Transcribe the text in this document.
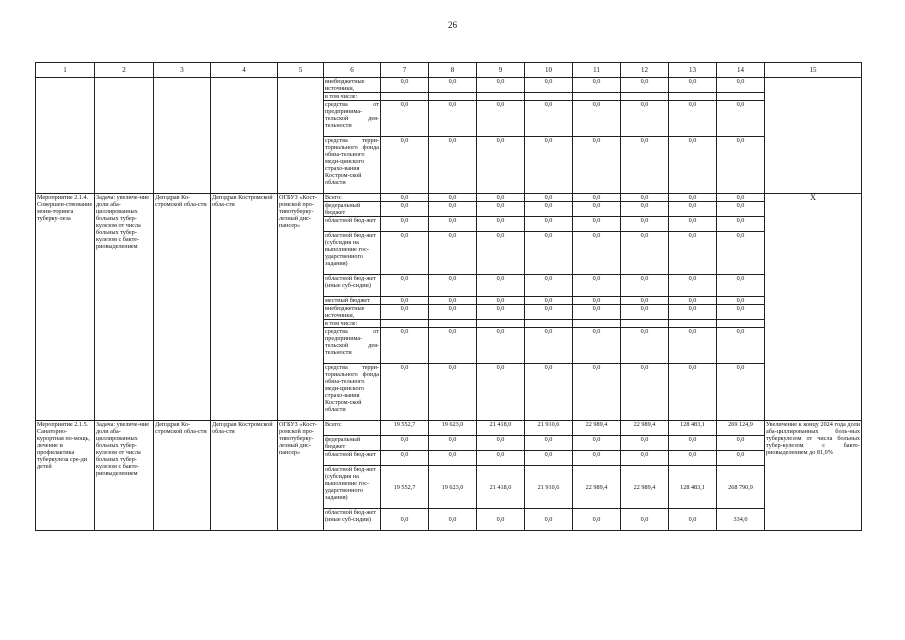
26
1	2	3	4	5	6	7	8	9	10	11	12	13	14	15
					внебюджетные источники,	0,0	0,0	0,0	0,0	0,0	0,0	0,0	0,0	
					в том числе:									
					средства от предпринима-тельской дея-тельности	0,0	0,0	0,0	0,0	0,0	0,0	0,0	0,0	
					средства терри-ториального фонда обяза-тельного меди-цинского страхо-вания Костром-ской области	0,0	0,0	0,0	0,0	0,0	0,0	0,0	0,0	
Мероприятие 2.1.4. Совершен-ствование мони-торинга туберку-леза	Задача: увеличе-ние доли аба-циллированных больных тубер-кулезом от числа больных тубер-кулезом с бакте-риовыделением	Депздрав Ко-стромской обла-сти	Депздрав Костромской обла-сти	ОГБУЗ «Кост-ромской про-тивотуберку-лезный дис-пансер»	Всего:	0,0	0,0	0,0	0,0	0,0	0,0	0,0	0,0	Х
					федеральный бюджет	0,0	0,0	0,0	0,0	0,0	0,0	0,0	0,0	
					областной бюд-жет	0,0	0,0	0,0	0,0	0,0	0,0	0,0	0,0	
					областной бюд-жет (субсидия на выполнение гос-ударственного задания)	0,0	0,0	0,0	0,0	0,0	0,0	0,0	0,0	
					областной бюд-жет (иные суб-сидии)	0,0	0,0	0,0	0,0	0,0	0,0	0,0	0,0	
					местный бюджет	0,0	0,0	0,0	0,0	0,0	0,0	0,0	0,0	
					внебюджетные источники,	0,0	0,0	0,0	0,0	0,0	0,0	0,0	0,0	
					в том числе:									
					средства от предпринима-тельской дея-тельности	0,0	0,0	0,0	0,0	0,0	0,0	0,0	0,0	
					средства терри-ториального фонда обяза-тельного меди-цинского страхо-вания Костром-ской области	0,0	0,0	0,0	0,0	0,0	0,0	0,0	0,0	
Мероприятие 2.1.5. Санаторно-курортная по-мощь, лечение и профилактика туберкулеза сре-ди детей	Задача: увеличе-ние доли аба-циллированных больных тубер-кулезом от числа больных тубер-кулезом с бакте-риовыделением	Депздрав Ко-стромской обла-сти	Депздрав Костромской обла-сти	ОГБУЗ «Кост-ромской про-тивотуберку-лезный дис-пансер»	Всего:	19 552,7	19 623,0	21 418,0	21 910,6	22 989,4	22 989,4	128 483,1	269 124,9	Увеличение к концу 2024 года доли аба-циллированных боль-ных туберкулезом от числа больных тубер-кулезом с бакте-риовыделением до 81,0%
					федеральный бюджет	0,0	0,0	0,0	0,0	0,0	0,0	0,0	0,0	
					областной бюд-жет	0,0	0,0	0,0	0,0	0,0	0,0	0,0	0,0	
					областной бюд-жет (субсидия на выполнение гос-ударственного задания)	19 552,7	19 623,0	21 418,0	21 910,6	22 989,4	22 989,4	128 483,1	268 790,9	
					областной бюд-жет (иные суб-сидии)	0,0	0,0	0,0	0,0	0,0	0,0	0,0	334,0	
